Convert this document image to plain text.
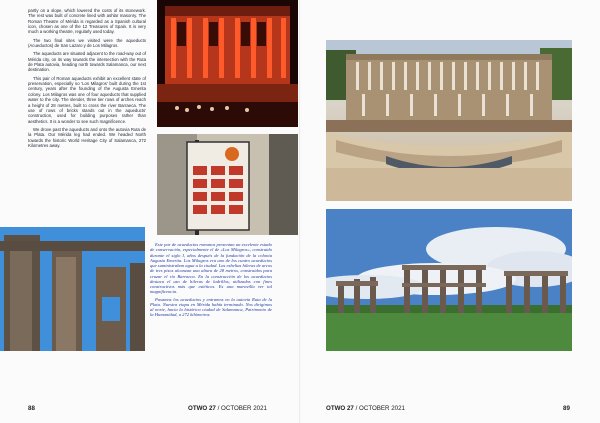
partly on a slope, which lowered the costs of its stonework. The rest was built of concrete lined with ashlar masonry. The Roman Theatre of Mérida is regarded as a Spanish cultural icon, chosen as one of the 12 Treasures of Spain. It is very much a working theatre, regularly used today.

The two final sites we visited were the aqueducts (Acueductos) de San Lazaro y de Los Milagros.

The aqueducts are situated adjacent to the road-way out of Mérida city, on its way towards the intersection with the Ruta de Plata autovia, heading north towards Salamanca, our next destination.

This pair of Roman aqueducts exhibit an excellent state of preservation, especially so 'Los Milagros' built during the 1st century, years after the founding of the Augusta Emerita colony. Los Milagros was one of four aqueducts that supplied water to the city. The slender, three tier rows of arches reach a height of 28 metres, built to cross the river Barraeca. The use of rows of bricks stands out in the aqueducts' construction, used for building purposes rather than aesthetics. It is a wonder to see such magnificence.

We drove past the aqueducts and onto the autovia Ruta de la Plata. Our Mérida leg had ended. We headed North towards the historic World Heritage City of Salamanca, 272 Kilometres away.

Este par de acueductos romanos presentan un excelente estado de conservación, especialmente el de «Los Milagros», construido durante el siglo I, años después de la fundación de la colonia Augusta Emerita. Los Milagros era uno de los cuatro acueductos que suministraban agua a la ciudad. Las esbeltas hileras de arcos de tres pisos alcanzan una altura de 28 metros, construidos para cruzar el río Barraeca. En la construcción de los acueductos destaca el uso de hileras de ladrillos, utilizados con fines constructivos más que estéticos. Es una maravilla ver tal magnificencia.

Pasamos los acueductos y entramos en la autovía Ruta de la Plata. Nuestra etapa en Mérida había terminado. Nos dirigimos al norte, hacia la histórica ciudad de Salamanca, Patrimonio de la Humanidad, a 272 kilómetros.

88	OTWO 27 / OCTOBER 2021	OTWO 27 / OCTOBER 2021	89
